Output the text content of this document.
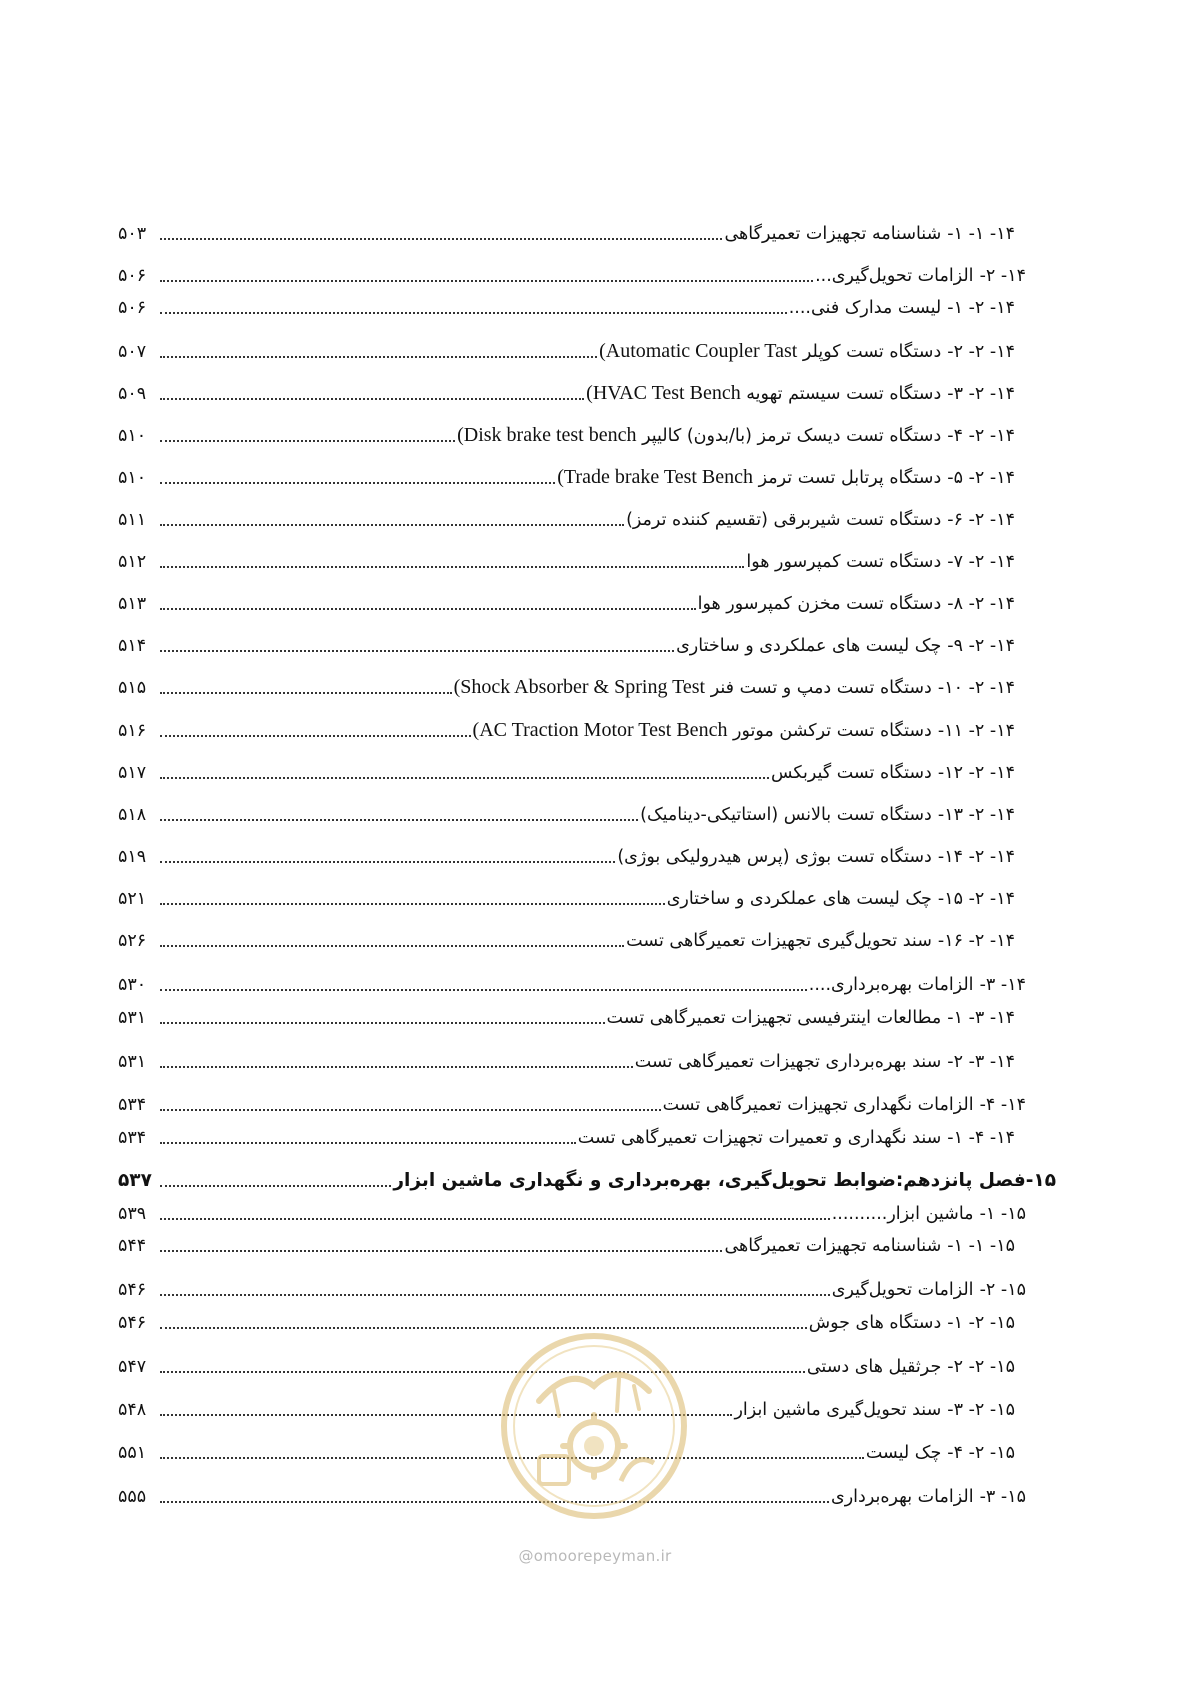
۱۴- ۱- ۱-شناسنامه تجهیزات تعمیرگاهی
۵۰۳
۱۴- ۲-الزامات تحویل‌گیری...
۵۰۶
۱۴- ۲- ۱-لیست مدارک فنی....
۵۰۶
۱۴- ۲- ۲-دستگاه تست کوپلر (Automatic Coupler Tast
۵۰۷
۱۴- ۲- ۳-دستگاه تست سیستم تهویه (HVAC Test Bench
۵۰۹
۱۴- ۲- ۴-دستگاه تست دیسک ترمز (با/بدون) کالیپر (Disk brake test bench
۵۱۰
۱۴- ۲- ۵-دستگاه پرتابل تست ترمز (Trade brake Test Bench
۵۱۰
۱۴- ۲- ۶-دستگاه تست شیربرقی (تقسیم کننده ترمز)
۵۱۱
۱۴- ۲- ۷-دستگاه تست کمپرسور هوا
۵۱۲
۱۴- ۲- ۸-دستگاه تست مخزن کمپرسور هوا
۵۱۳
۱۴- ۲- ۹-چک لیست های عملکردی و ساختاری
۵۱۴
۱۴- ۲- ۱۰-دستگاه تست دمپ و تست فنر (Shock Absorber & Spring Test
۵۱۵
۱۴- ۲- ۱۱-دستگاه تست ترکشن موتور (AC Traction Motor Test Bench
۵۱۶
۱۴- ۲- ۱۲-دستگاه تست گیربکس
۵۱۷
۱۴- ۲- ۱۳-دستگاه تست بالانس (استاتیکی-دینامیک)
۵۱۸
۱۴- ۲- ۱۴-دستگاه تست بوژی (پرس هیدرولیکی بوژی)
۵۱۹
۱۴- ۲- ۱۵-چک لیست های عملکردی و ساختاری
۵۲۱
۱۴- ۲- ۱۶-سند تحویل‌گیری تجهیزات تعمیرگاهی تست
۵۲۶
۱۴- ۳-الزامات بهره‌برداری....
۵۳۰
۱۴- ۳- ۱-مطالعات اینترفیسی تجهیزات تعمیرگاهی تست
۵۳۱
۱۴- ۳- ۲-سند بهره‌برداری تجهیزات تعمیرگاهی تست
۵۳۱
۱۴- ۴-الزامات نگهداری تجهیزات تعمیرگاهی تست
۵۳۴
۱۴- ۴- ۱-سند نگهداری و تعمیرات تجهیزات تعمیرگاهی تست
۵۳۴
۱۵-فصل پانزدهم:ضوابط تحویل‌گیری، بهره‌برداری و نگهداری ماشین ابزار
۵۳۷
۱۵- ۱-ماشین ابزار..........
۵۳۹
۱۵- ۱- ۱-شناسنامه تجهیزات تعمیرگاهی
۵۴۴
۱۵- ۲-الزامات تحویل‌گیری
۵۴۶
۱۵- ۲- ۱-دستگاه های جوش
۵۴۶
۱۵- ۲- ۲-جرثقیل های دستی
۵۴۷
۱۵- ۲- ۳-سند تحویل‌گیری ماشین ابزار
۵۴۸
۱۵- ۲- ۴-چک لیست
۵۵۱
۱۵- ۳-الزامات بهره‌برداری
۵۵۵
@omoorepeyman.ir
